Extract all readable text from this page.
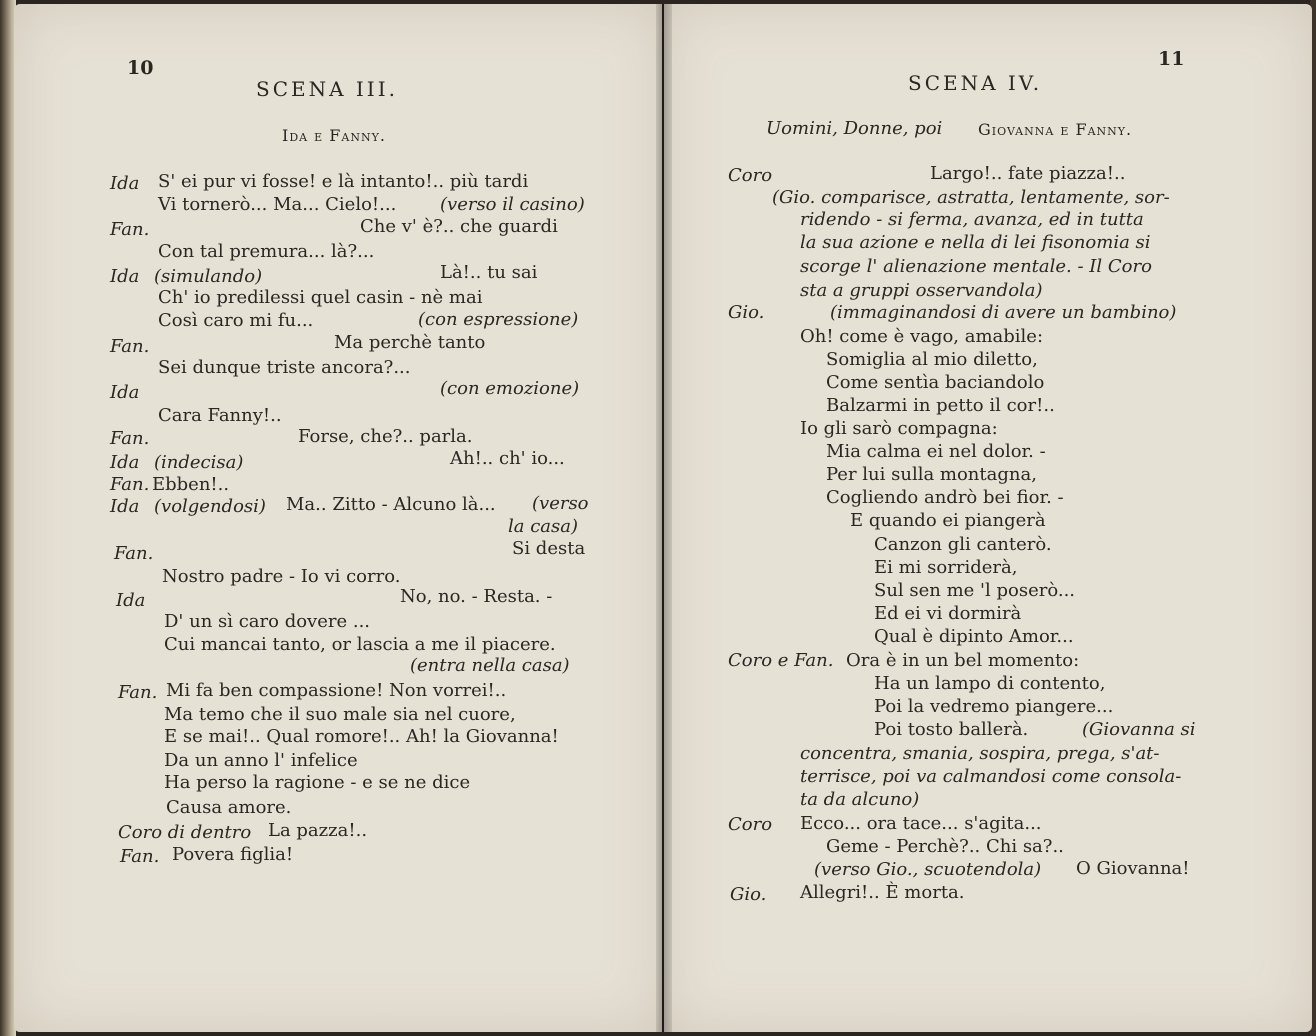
10
SCENA III.
Ida e Fanny.
Ida S' ei pur vi fosse! e là intanto!.. più tardi
Vi tornerò... Ma... Cielo!... (verso il casino)
Fan.	Che v' è?.. che guardi
Con tal premura... là?...
Ida (simulando)	Là!.. tu sai
Ch' io predilessi quel casin - nè mai
Così caro mi fu...	(con espressione)
Fan.	Ma perchè tanto
Sei dunque triste ancora?...
Ida	(con emozione)
Cara Fanny!..
Fan.	Forse, che?.. parla.
Ida (indecisa)	Ah!.. ch' io...
Fan. Ebben!..
Ida (volgendosi) Ma.. Zitto - Alcuno là... (verso
la casa)
Fan.	Si desta
Nostro padre - Io vi corro.
Ida	No, no. - Resta. -
D' un sì caro dovere ...
Cui mancai tanto, or lascia a me il piacere.
(entra nella casa)
Fan. Mi fa ben compassione! Non vorrei!..
Ma temo che il suo male sia nel cuore,
E se mai!.. Qual romore!.. Ah! la Giovanna!
Da un anno l' infelice
Ha perso la ragione - e se ne dice
Causa amore.
Coro di dentro La pazza!..
Fan. Povera figlia!
11
SCENA IV.
Uomini, Donne, poi Giovanna e Fanny.
Coro	Largo!.. fate piazza!..
(Gio. comparisce, astratta, lentamente, sor-
ridendo - si ferma, avanza, ed in tutta
la sua azione e nella di lei fisonomia si
scorge l' alienazione mentale. - Il Coro
sta a gruppi osservandola)
Gio.	(immaginandosi di avere un bambino)
Oh! come è vago, amabile:
Somiglia al mio diletto,
Come sentìa baciandolo
Balzarmi in petto il cor!..
Io gli sarò compagna:
Mia calma ei nel dolor. -
Per lui sulla montagna,
Cogliendo andrò bei fior. -
E quando ei piangerà
Canzon gli canterò.
Ei mi sorriderà,
Sul sen me 'l poserò...
Ed ei vi dormirà
Qual è dipinto Amor...
Coro e Fan. Ora è in un bel momento:
Ha un lampo di contento,
Poi la vedremo piangere...
Poi tosto ballerà.	(Giovanna si
concentra, smania, sospira, prega, s'at-
terrisce, poi va calmandosi come consola-
ta da alcuno)
Coro Ecco... ora tace... s'agita...
Geme - Perchè?.. Chi sa?..
(verso Gio., scuotendola) O Giovanna!
Gio. Allegri!.. È morta.
